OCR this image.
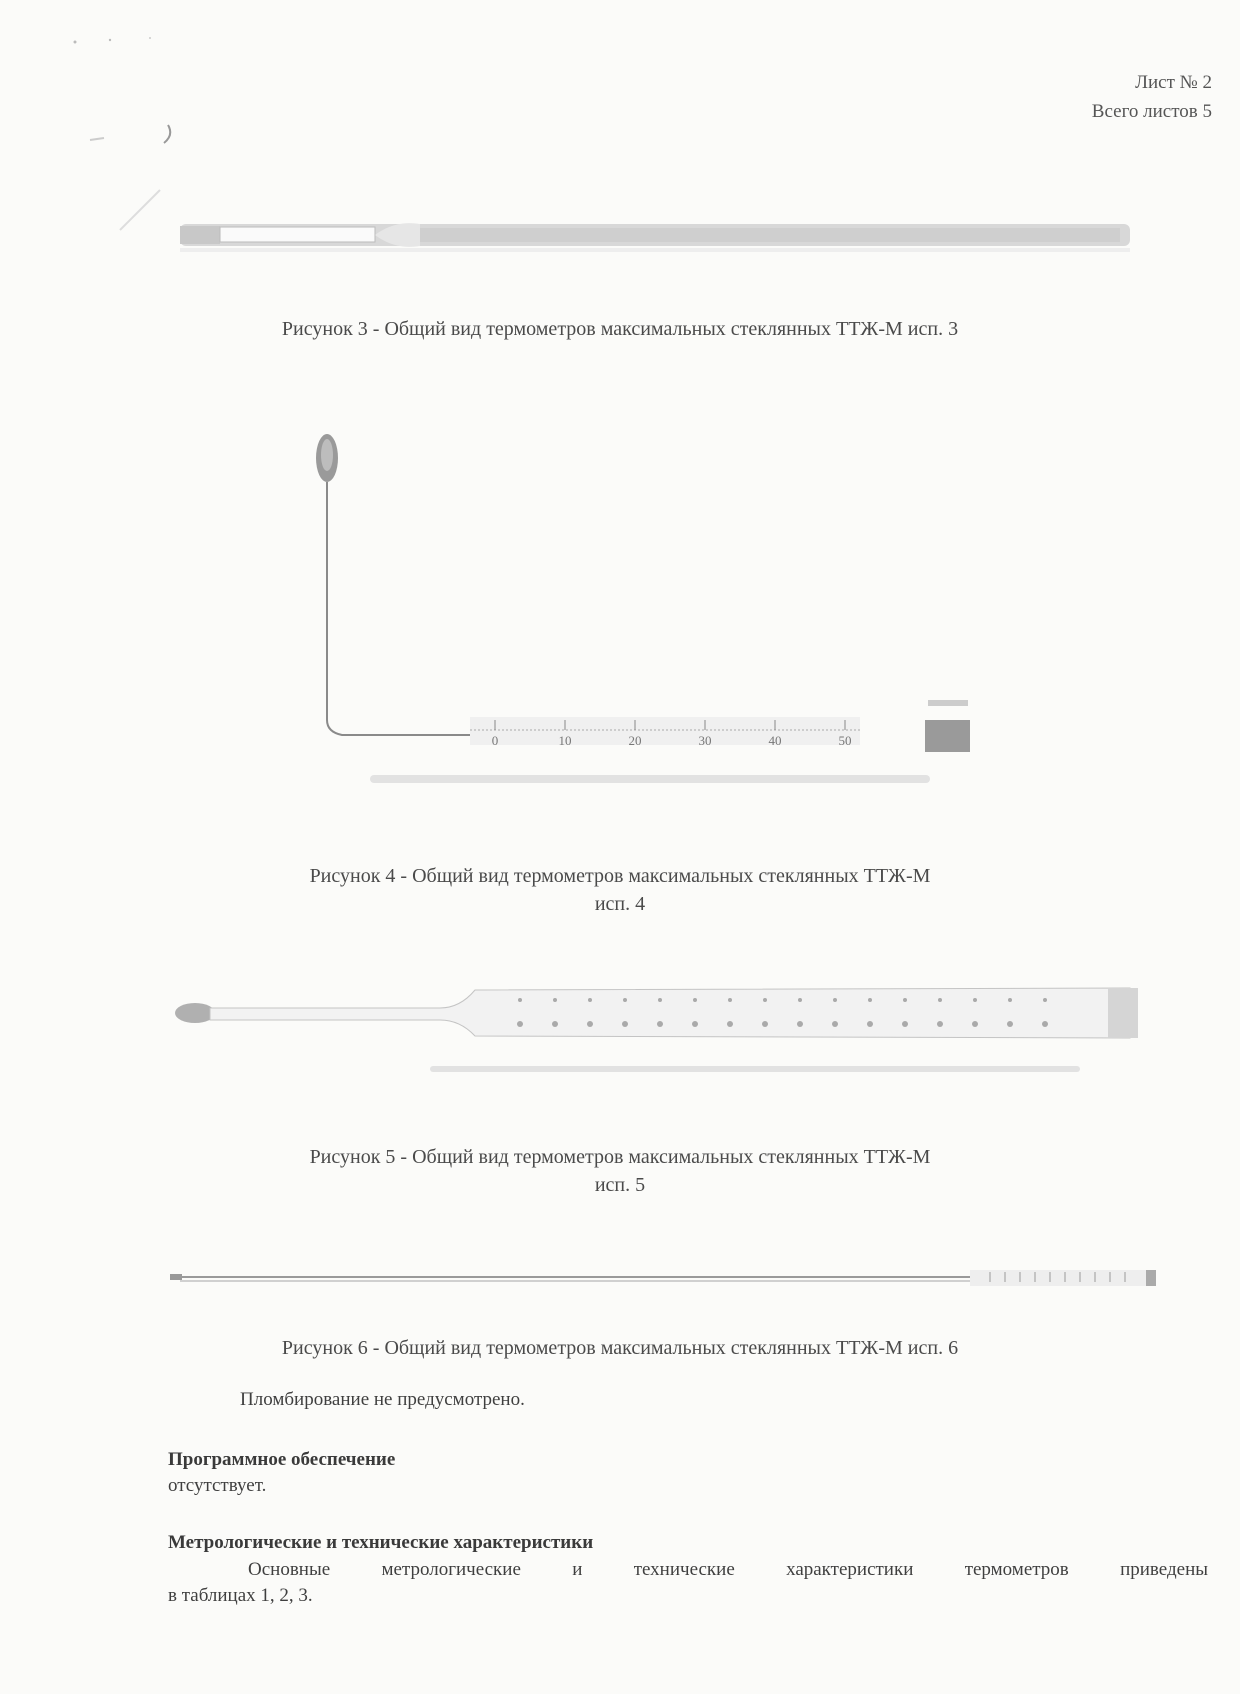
Лист № 2
Всего листов 5
Рисунок 3 - Общий вид термометров максимальных стеклянных ТТЖ-М исп. 3
0	10	20	30	40	50
Рисунок 4 - Общий вид термометров максимальных стеклянных ТТЖ-М
исп. 4
Рисунок 5 - Общий вид термометров максимальных стеклянных ТТЖ-М
исп. 5
Рисунок 6 - Общий вид термометров максимальных стеклянных ТТЖ-М исп. 6
Пломбирование не предусмотрено.
Программное обеспечение
отсутствует.
Метрологические и технические характеристики
Основные метрологические и технические характеристики термометров приведены
в таблицах 1, 2, 3.
